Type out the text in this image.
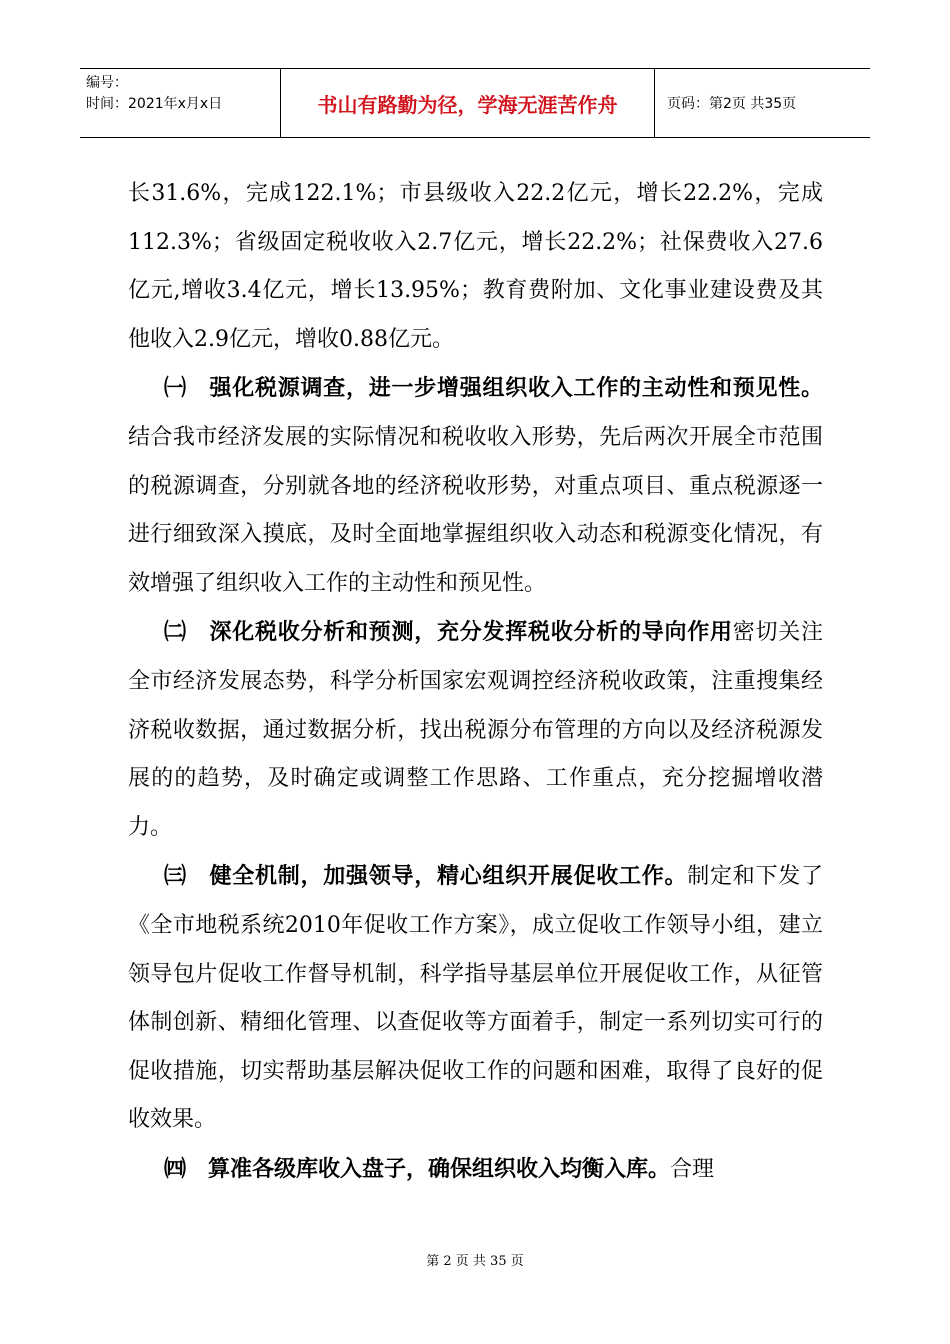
编号：
时间：2021年x月x日	书山有路勤为径，学海无涯苦作舟	页码：第2页 共35页

长31.6%，完成122.1%；市县级收入22.2亿元，增长22.2%，完成112.3%；省级固定税收收入2.7亿元，增长22.2%；社保费收入27.6亿元,增收3.4亿元，增长13.95%；教育费附加、文化事业建设费及其他收入2.9亿元，增收0.88亿元。

㈠　强化税源调查，进一步增强组织收入工作的主动性和预见性。结合我市经济发展的实际情况和税收收入形势，先后两次开展全市范围的税源调查，分别就各地的经济税收形势，对重点项目、重点税源逐一进行细致深入摸底，及时全面地掌握组织收入动态和税源变化情况，有效增强了组织收入工作的主动性和预见性。

㈡　深化税收分析和预测，充分发挥税收分析的导向作用密切关注全市经济发展态势，科学分析国家宏观调控经济税收政策，注重搜集经济税收数据，通过数据分析，找出税源分布管理的方向以及经济税源发展的的趋势，及时确定或调整工作思路、工作重点，充分挖掘增收潜力。

㈢　健全机制，加强领导，精心组织开展促收工作。制定和下发了《全市地税系统2010年促收工作方案》，成立促收工作领导小组，建立领导包片促收工作督导机制，科学指导基层单位开展促收工作，从征管体制创新、精细化管理、以查促收等方面着手，制定一系列切实可行的促收措施，切实帮助基层解决促收工作的问题和困难，取得了良好的促收效果。

㈣　算准各级库收入盘子，确保组织收入均衡入库。合理

第 2 页 共 35 页
